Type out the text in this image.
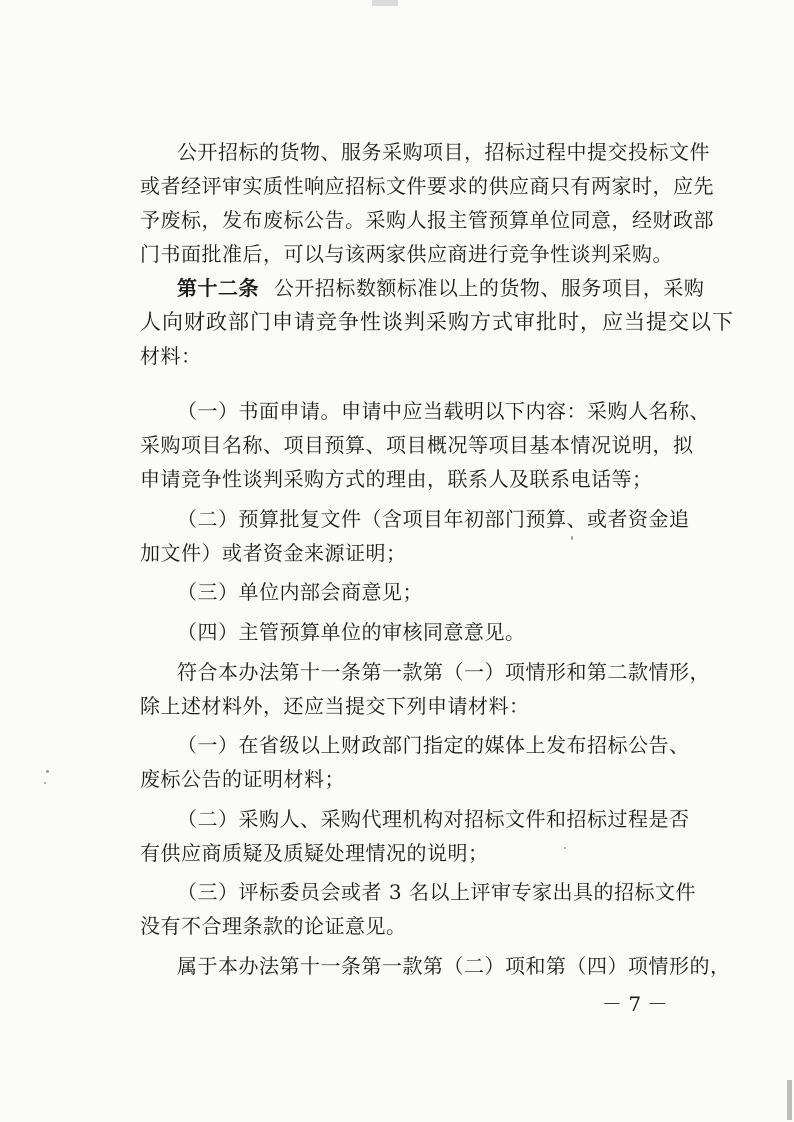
公开招标的货物、服务采购项目，招标过程中提交投标文件
或者经评审实质性响应招标文件要求的供应商只有两家时，应先
予废标，发布废标公告。采购人报主管预算单位同意，经财政部
门书面批准后，可以与该两家供应商进行竞争性谈判采购。
第十二条 公开招标数额标准以上的货物、服务项目，采购
人向财政部门申请竞争性谈判采购方式审批时，应当提交以下
材料：
（一）书面申请。申请中应当载明以下内容：采购人名称、
采购项目名称、项目预算、项目概况等项目基本情况说明，拟
申请竞争性谈判采购方式的理由，联系人及联系电话等；
（二）预算批复文件（含项目年初部门预算、或者资金追
加文件）或者资金来源证明；
（三）单位内部会商意见；
（四）主管预算单位的审核同意意见。
符合本办法第十一条第一款第（一）项情形和第二款情形，
除上述材料外，还应当提交下列申请材料：
（一）在省级以上财政部门指定的媒体上发布招标公告、
废标公告的证明材料；
（二）采购人、采购代理机构对招标文件和招标过程是否
有供应商质疑及质疑处理情况的说明；
（三）评标委员会或者 3 名以上评审专家出具的招标文件
没有不合理条款的论证意见。
属于本办法第十一条第一款第（二）项和第（四）项情形的，
－ 7 －
